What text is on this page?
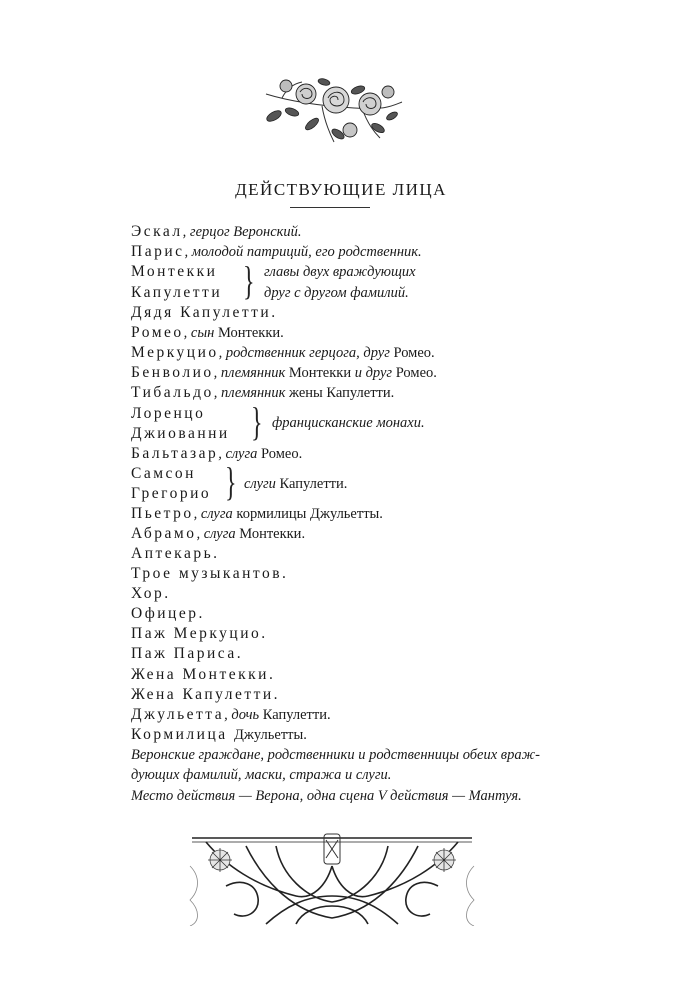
ДЕЙСТВУЮЩИЕ ЛИЦА
Эскал, герцог Веронский.
Парис, молодой патриций, его родственник.
Монтекки
Капулетти } главы двух враждующих
друг с другом фамилий.
Дядя Капулетти.
Ромео, сын Монтекки.
Меркуцио, родственник герцога, друг Ромео.
Бенволио, племянник Монтекки и друг Ромео.
Тибальдо, племянник жены Капулетти.
Лоренцо
Джиованни } францисканские монахи.
Бальтазар, слуга Ромео.
Самсон
Грегорио } слуги Капулетти.
Пьетро, слуга кормилицы Джульетты.
Абрамо, слуга Монтекки.
Аптекарь.
Трое музыкантов.
Хор.
Офицер.
Паж Меркуцио.
Паж Париса.
Жена Монтекки.
Жена Капулетти.
Джульетта, дочь Капулетти.
Кормилица Джульетты.
Веронские граждане, родственники и родственницы обеих враж-
дующих фамилий, маски, стража и слуги.
Место действия — Верона, одна сцена V действия — Мантуя.
